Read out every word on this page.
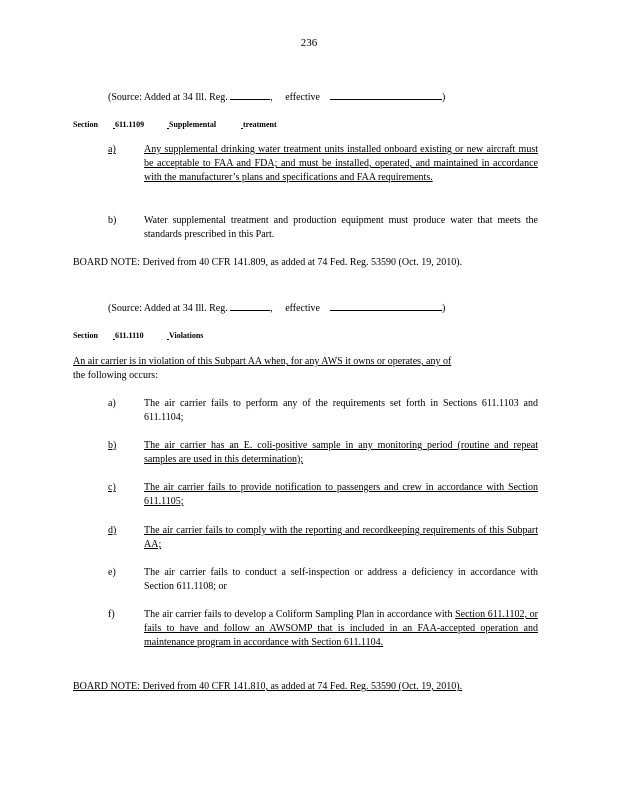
236
(Source: Added at 34 Ill. Reg.	, effective	)
Section 611.1109	Supplemental	treatment
a)	Any supplemental drinking water treatment units installed onboard existing or new aircraft must be acceptable to FAA and FDA; and must be installed, operated, and maintained in accordance with the manufacturer’s plans and specifications and FAA requirements.
b)	Water supplemental treatment and production equipment must produce water that meets the standards prescribed in this Part.
BOARD NOTE: Derived from 40 CFR 141.809, as added at 74 Fed. Reg. 53590 (Oct. 19, 2010).
(Source: Added at 34 Ill. Reg.	, effective	)
Section 611.1110	Violations
An air carrier is in violation of this Subpart AA when, for any AWS it owns or operates, any of
the following occurs:
a)	The air carrier fails to perform any of the requirements set forth in Sections 611.1103 and 611.1104;
b)	The air carrier has an E. coli-positive sample in any monitoring period (routine and repeat samples are used in this determination);
c)	The air carrier fails to provide notification to passengers and crew in accordance with Section 611.1105;
d)	The air carrier fails to comply with the reporting and recordkeeping requirements of this Subpart AA;
e)	The air carrier fails to conduct a self-inspection or address a deficiency in accordance with Section 611.1108; or
f)	The air carrier fails to develop a Coliform Sampling Plan in accordance with Section 611.1102, or fails to have and follow an AWSOMP that is included in an FAA-accepted operation and maintenance program in accordance with Section 611.1104.
BOARD NOTE: Derived from 40 CFR 141.810, as added at 74 Fed. Reg. 53590 (Oct. 19, 2010).
